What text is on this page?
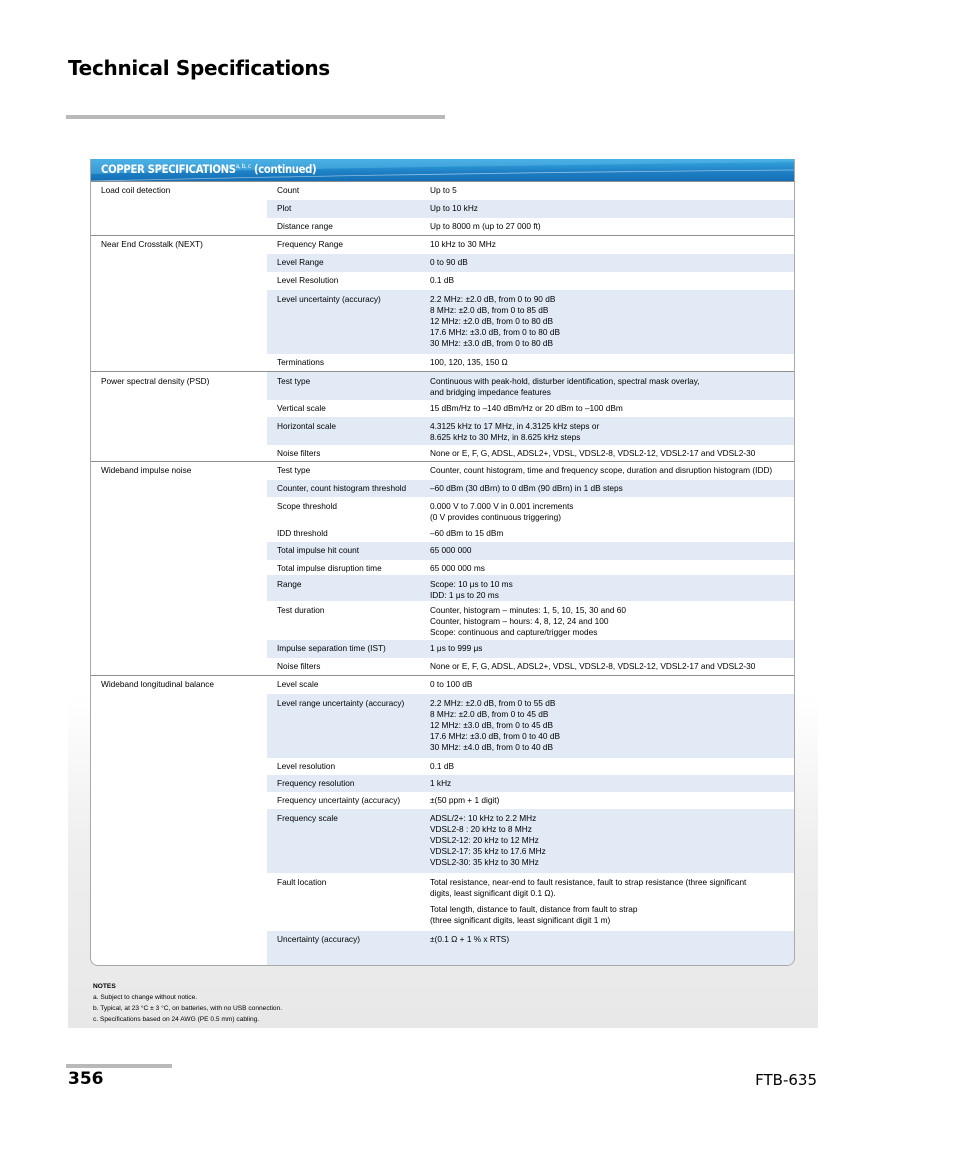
Technical Specifications
COPPER SPECIFICATIONS$^{a, b, c}$ (continued)
Load coil detection	Count	Up to 5

	Plot	Up to 10 kHz

	Distance range	Up to 8000 m (up to 27 000 ft)

Near End Crosstalk (NEXT)	Frequency Range	10 kHz to 30 MHz

	Level Range	0 to 90 dB

	Level Resolution	0.1 dB

	Level uncertainty (accuracy)	2.2 MHz: ±2.0 dB, from 0 to 90 dB
8 MHz: ±2.0 dB, from 0 to 85 dB
12 MHz: ±2.0 dB, from 0 to 80 dB
17.6 MHz: ±3.0 dB, from 0 to 80 dB
30 MHz: ±3.0 dB, from 0 to 80 dB

	Terminations	100, 120, 135, 150 Ω

Power spectral density (PSD)	Test type	Continuous with peak-hold, disturber identification, spectral mask overlay,
and bridging impedance features

	Vertical scale	15 dBm/Hz to –140 dBm/Hz or 20 dBm to –100 dBm

	Horizontal scale	4.3125 kHz to 17 MHz, in 4.3125 kHz steps or
8.625 kHz to 30 MHz, in 8.625 kHz steps

	Noise filters	None or E, F, G, ADSL, ADSL2+, VDSL, VDSL2-8, VDSL2-12, VDSL2-17 and VDSL2-30

Wideband impulse noise	Test type	Counter, count histogram, time and frequency scope, duration and disruption histogram (IDD)

	Counter, count histogram threshold	–60 dBm (30 dBrn) to 0 dBm (90 dBrn) in 1 dB steps

	Scope threshold	0.000 V to 7.000 V in 0.001 increments
(0 V provides continuous triggering)

	IDD threshold	–60 dBm to 15 dBm

	Total impulse hit count	65 000 000

	Total impulse disruption time	65 000 000 ms

	Range	Scope: 10 μs to 10 ms
IDD: 1 μs to 20 ms

	Test duration	Counter, histogram – minutes: 1, 5, 10, 15, 30 and 60
Counter, histogram – hours: 4, 8, 12, 24 and 100
Scope: continuous and capture/trigger modes

	Impulse separation time (IST)	1 μs to 999 μs

	Noise filters	None or E, F, G, ADSL, ADSL2+, VDSL, VDSL2-8, VDSL2-12, VDSL2-17 and VDSL2-30

Wideband longitudinal balance	Level scale	0 to 100 dB

	Level range uncertainty (accuracy)	2.2 MHz: ±2.0 dB, from 0 to 55 dB
8 MHz: ±2.0 dB, from 0 to 45 dB
12 MHz: ±3.0 dB, from 0 to 45 dB
17.6 MHz: ±3.0 dB, from 0 to 40 dB
30 MHz: ±4.0 dB, from 0 to 40 dB

	Level resolution	0.1 dB

	Frequency resolution	1 kHz

	Frequency uncertainty (accuracy)	±(50 ppm + 1 digit)

	Frequency scale	ADSL/2+: 10 kHz to 2.2 MHz
VDSL2-8 : 20 kHz to 8 MHz
VDSL2-12: 20 kHz to 12 MHz
VDSL2-17: 35 kHz to 17.6 MHz
VDSL2-30: 35 kHz to 30 MHz

	Fault location	Total resistance, near-end to fault resistance, fault to strap resistance (three significant
digits, least significant digit 0.1 Ω).
Total length, distance to fault, distance from fault to strap
(three significant digits, least significant digit 1 m)

	Uncertainty (accuracy)	±(0.1 Ω + 1 % x RTS)

NOTES
a. Subject to change without notice.
b. Typical, at 23 °C ± 3 °C, on batteries, with no USB connection.
c. Specifications based on 24 AWG (PE 0.5 mm) cabling.
356	FTB-635
